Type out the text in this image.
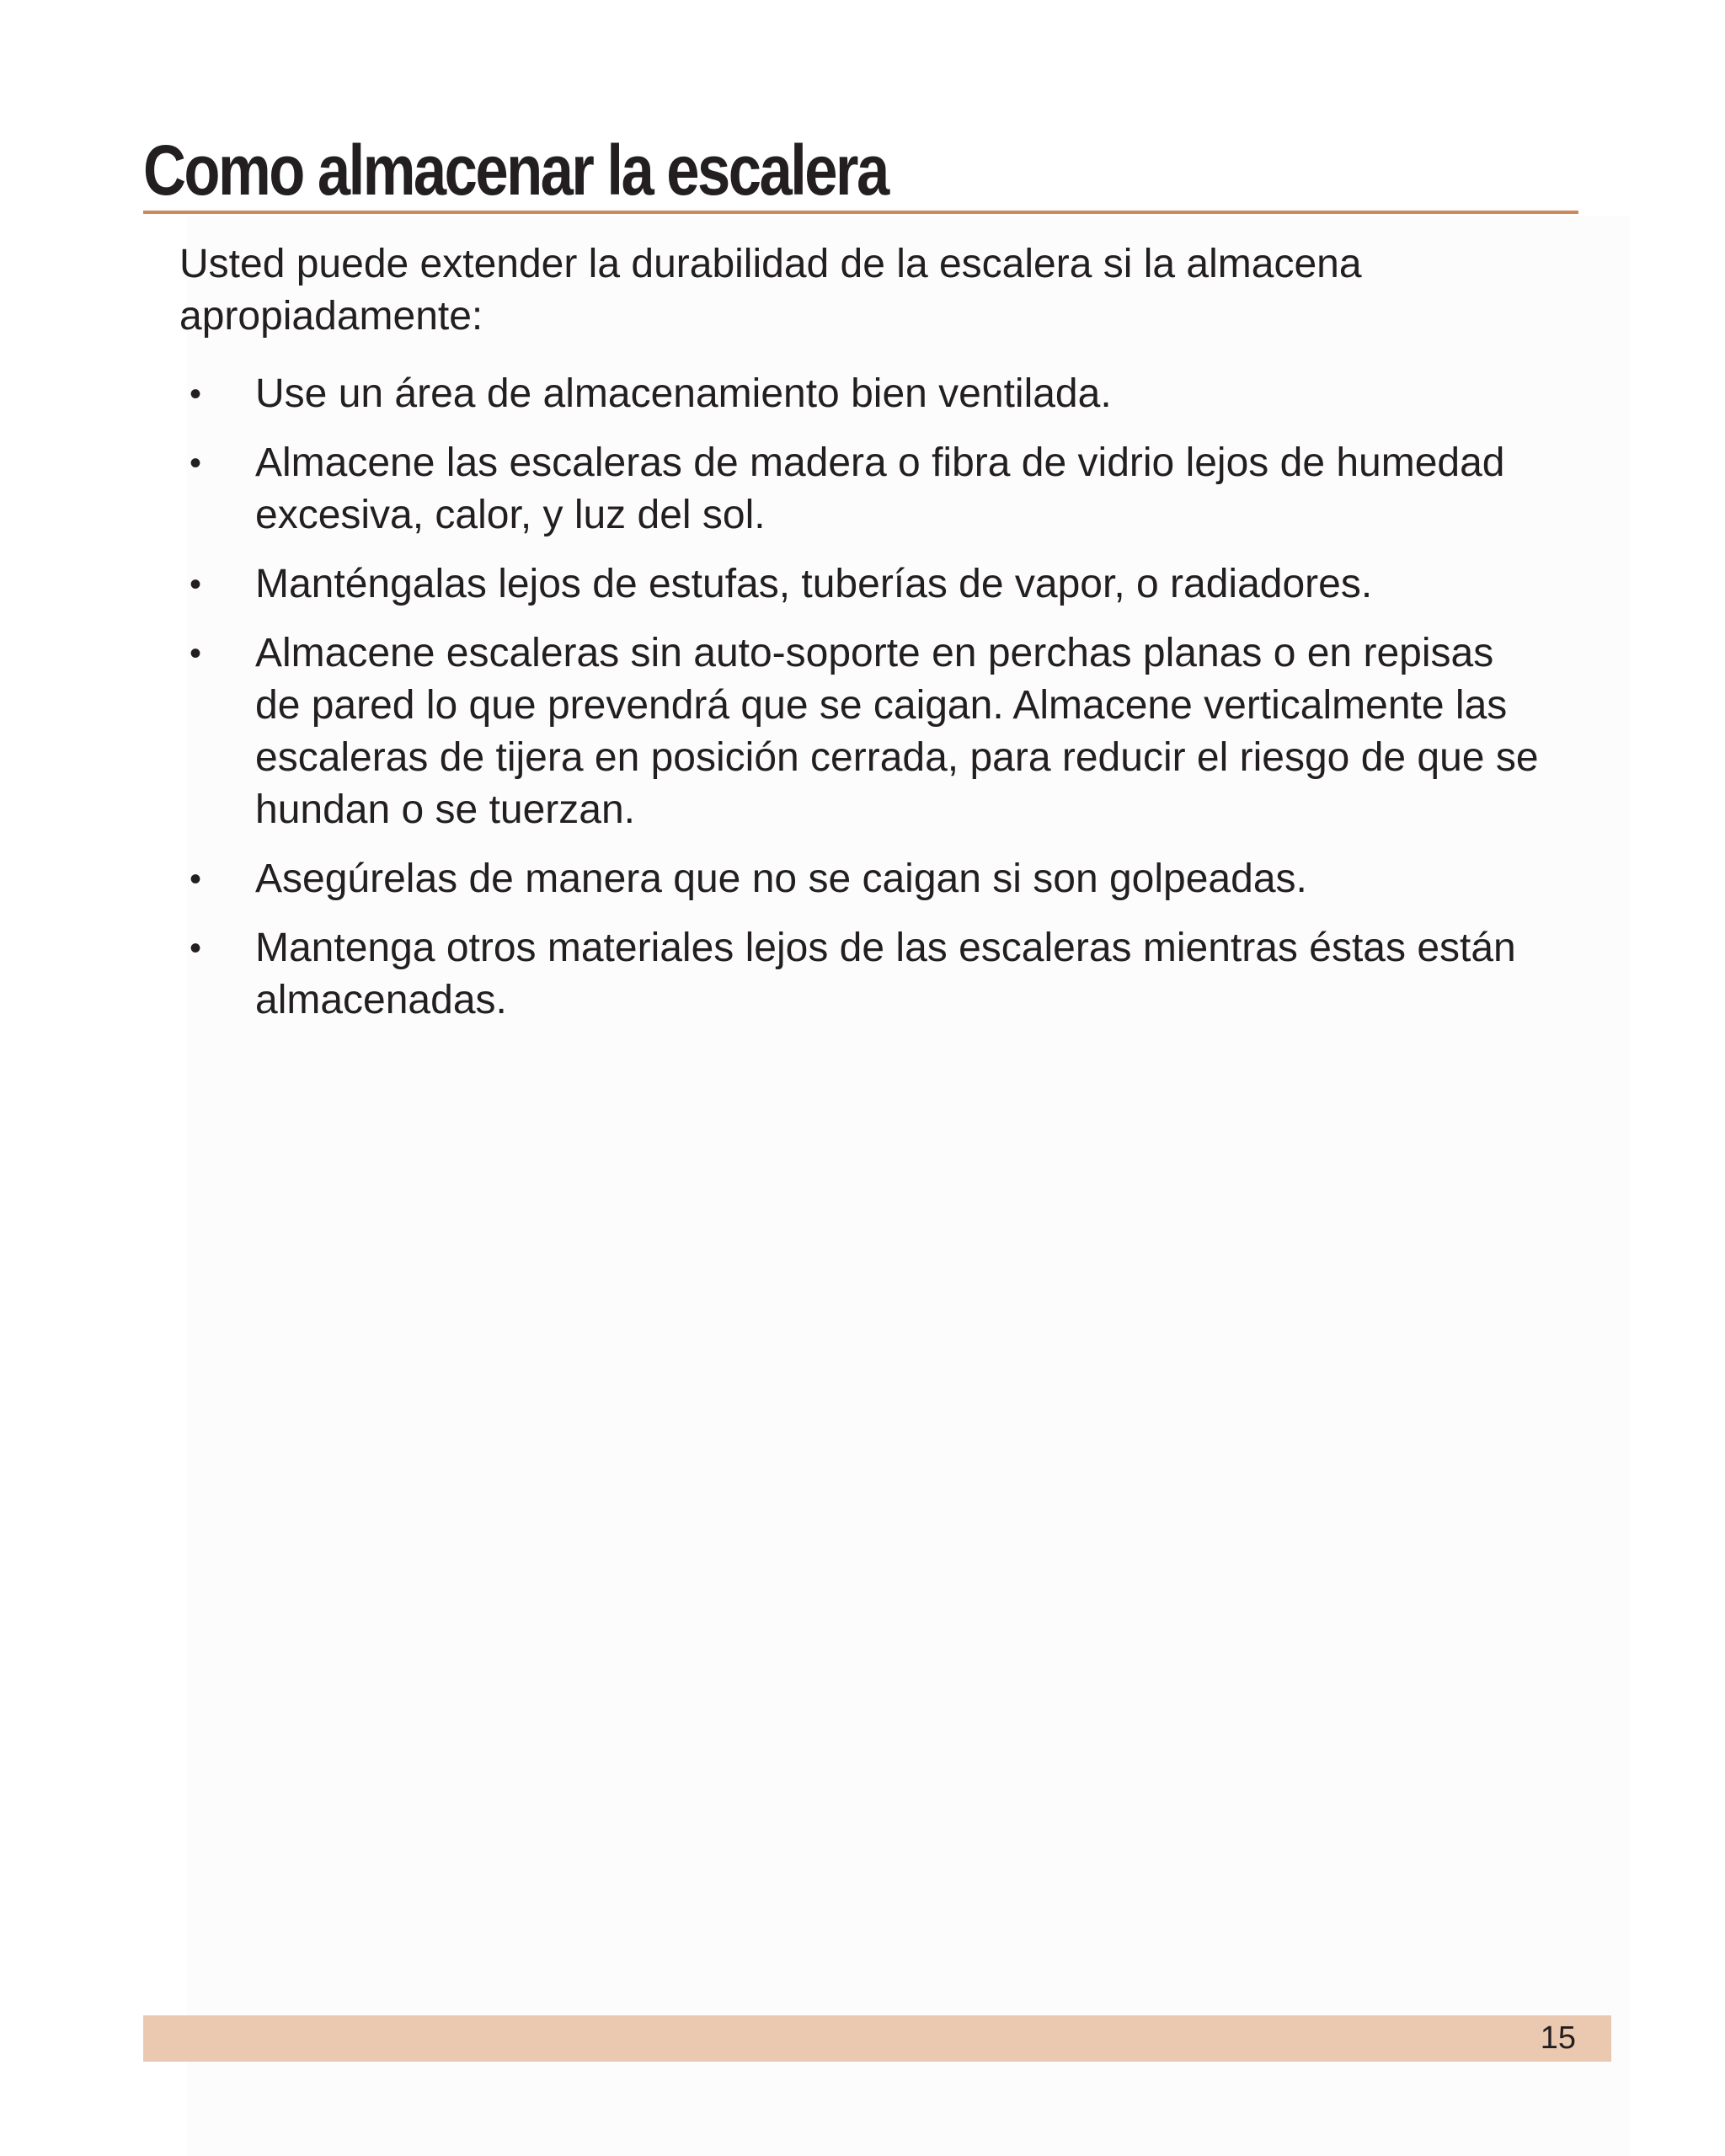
Como almacenar la escalera

Usted puede extender la durabilidad de la escalera si la almacena apropiadamente:

•	Use un área de almacenamiento bien ventilada.
•	Almacene las escaleras de madera o fibra de vidrio lejos de humedad excesiva, calor, y luz del sol.
•	Manténgalas lejos de estufas, tuberías de vapor, o radiadores.
•	Almacene escaleras sin auto-soporte en perchas planas o en repisas de pared lo que prevendrá que se caigan. Almacene verticalmente las escaleras de tijera en posición cerrada, para reducir el riesgo de que se hundan o se tuerzan.
•	Asegúrelas de manera que no se caigan si son golpeadas.
•	Mantenga otros materiales lejos de las escaleras mientras éstas están almacenadas.
15
